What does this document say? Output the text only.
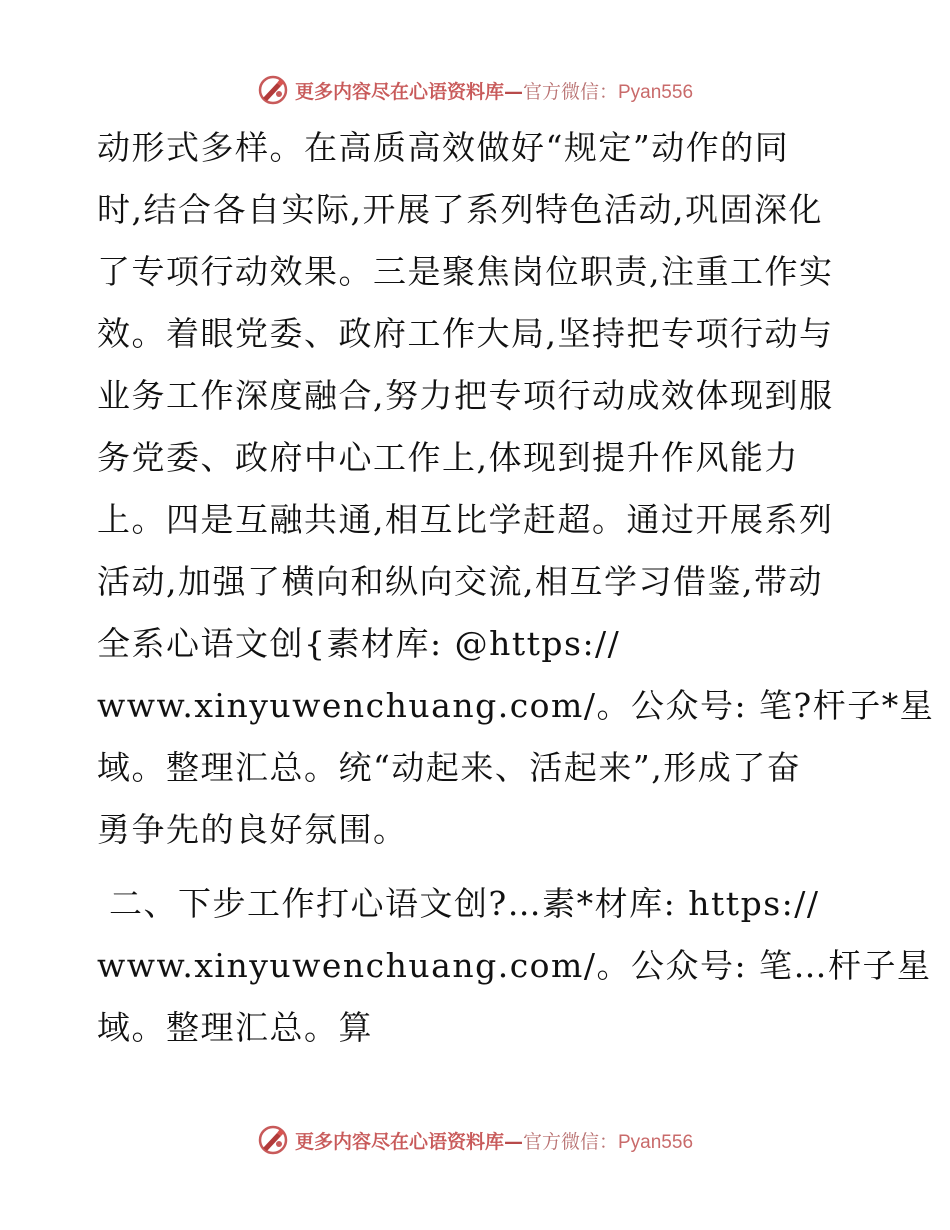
更多内容尽在心语资料库—官方微信：Pyan556
动形式多样。在高质高效做好“规定”动作的同
时,结合各自实际,开展了系列特色活动,巩固深化
了专项行动效果。三是聚焦岗位职责,注重工作实
效。着眼党委、政府工作大局,坚持把专项行动与
业务工作深度融合,努力把专项行动成效体现到服
务党委、政府中心工作上,体现到提升作风能力
上。四是互融共通,相互比学赶超。通过开展系列
活动,加强了横向和纵向交流,相互学习借鉴,带动
全系心语文创{素材库: @https://
www.xinyuwenchuang.com/。公众号: 笔?杆子*星
域。整理汇总。统“动起来、活起来”,形成了奋
勇争先的良好氛围。
二、下步工作打心语文创?…素*材库: https://
www.xinyuwenchuang.com/。公众号: 笔…杆子星
域。整理汇总。算
更多内容尽在心语资料库—官方微信：Pyan556
